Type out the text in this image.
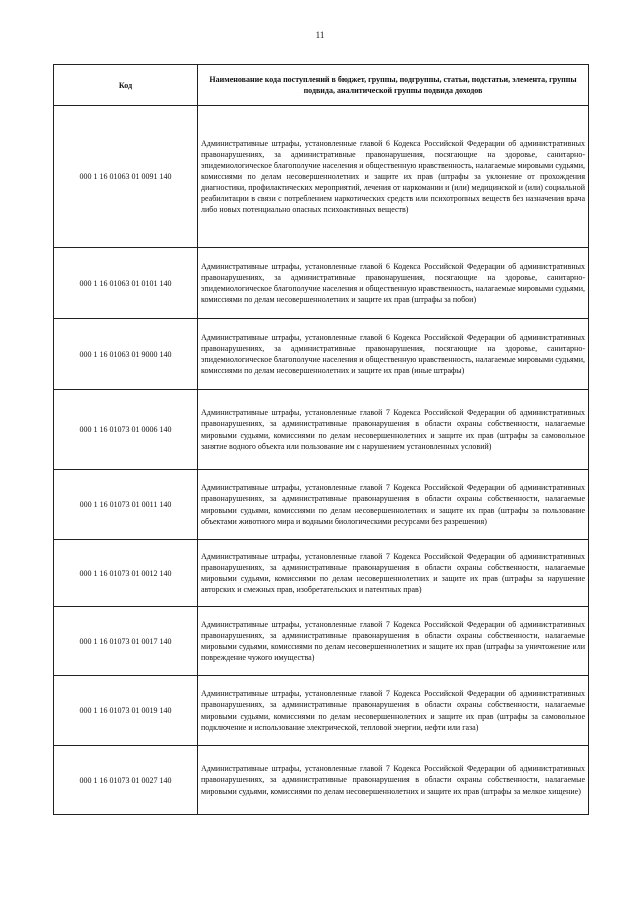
11
Код	Наименование кода поступлений в бюджет, группы, подгруппы, статьи, подстатьи, элемента, группы подвида, аналитической группы подвида доходов
000 1 16 01063 01 0091 140	Административные штрафы, установленные главой 6 Кодекса Российской Федерации об административных правонарушениях, за административные правонарушения, посягающие на здоровье, санитарно-эпидемиологическое благополучие населения и общественную нравственность, налагаемые мировыми судьями, комиссиями по делам несовершеннолетних и защите их прав (штрафы за уклонение от прохождения диагностики, профилактических мероприятий, лечения от наркомании и (или) медицинской и (или) социальной реабилитации в связи с потреблением наркотических средств или психотропных веществ без назначения врача либо новых потенциально опасных психоактивных веществ)
000 1 16 01063 01 0101 140	Административные штрафы, установленные главой 6 Кодекса Российской Федерации об административных правонарушениях, за административные правонарушения, посягающие на здоровье, санитарно-эпидемиологическое благополучие населения и общественную нравственность, налагаемые мировыми судьями, комиссиями по делам несовершеннолетних и защите их прав (штрафы за побои)
000 1 16 01063 01 9000 140	Административные штрафы, установленные главой 6 Кодекса Российской Федерации об административных правонарушениях, за административные правонарушения, посягающие на здоровье, санитарно-эпидемиологическое благополучие населения и общественную нравственность, налагаемые мировыми судьями, комиссиями по делам несовершеннолетних и защите их прав (иные штрафы)
000 1 16 01073 01 0006 140	Административные штрафы, установленные главой 7 Кодекса Российской Федерации об административных правонарушениях, за административные правонарушения в области охраны собственности, налагаемые мировыми судьями, комиссиями по делам несовершеннолетних и защите их прав (штрафы за самовольное занятие водного объекта или пользование им с нарушением установленных условий)
000 1 16 01073 01 0011 140	Административные штрафы, установленные главой 7 Кодекса Российской Федерации об административных правонарушениях, за административные правонарушения в области охраны собственности, налагаемые мировыми судьями, комиссиями по делам несовершеннолетних и защите их прав (штрафы за пользование объектами животного мира и водными биологическими ресурсами без разрешения)
000 1 16 01073 01 0012 140	Административные штрафы, установленные главой 7 Кодекса Российской Федерации об административных правонарушениях, за административные правонарушения в области охраны собственности, налагаемые мировыми судьями, комиссиями по делам несовершеннолетних и защите их прав (штрафы за нарушение авторских и смежных прав, изобретательских и патентных прав)
000 1 16 01073 01 0017 140	Административные штрафы, установленные главой 7 Кодекса Российской Федерации об административных правонарушениях, за административные правонарушения в области охраны собственности, налагаемые мировыми судьями, комиссиями по делам несовершеннолетних и защите их прав (штрафы за уничтожение или повреждение чужого имущества)
000 1 16 01073 01 0019 140	Административные штрафы, установленные главой 7 Кодекса Российской Федерации об административных правонарушениях, за административные правонарушения в области охраны собственности, налагаемые мировыми судьями, комиссиями по делам несовершеннолетних и защите их прав (штрафы за самовольное подключение и использование электрической, тепловой энергии, нефти или газа)
000 1 16 01073 01 0027 140	Административные штрафы, установленные главой 7 Кодекса Российской Федерации об административных правонарушениях, за административные правонарушения в области охраны собственности, налагаемые мировыми судьями, комиссиями по делам несовершеннолетних и защите их прав (штрафы за мелкое хищение)
